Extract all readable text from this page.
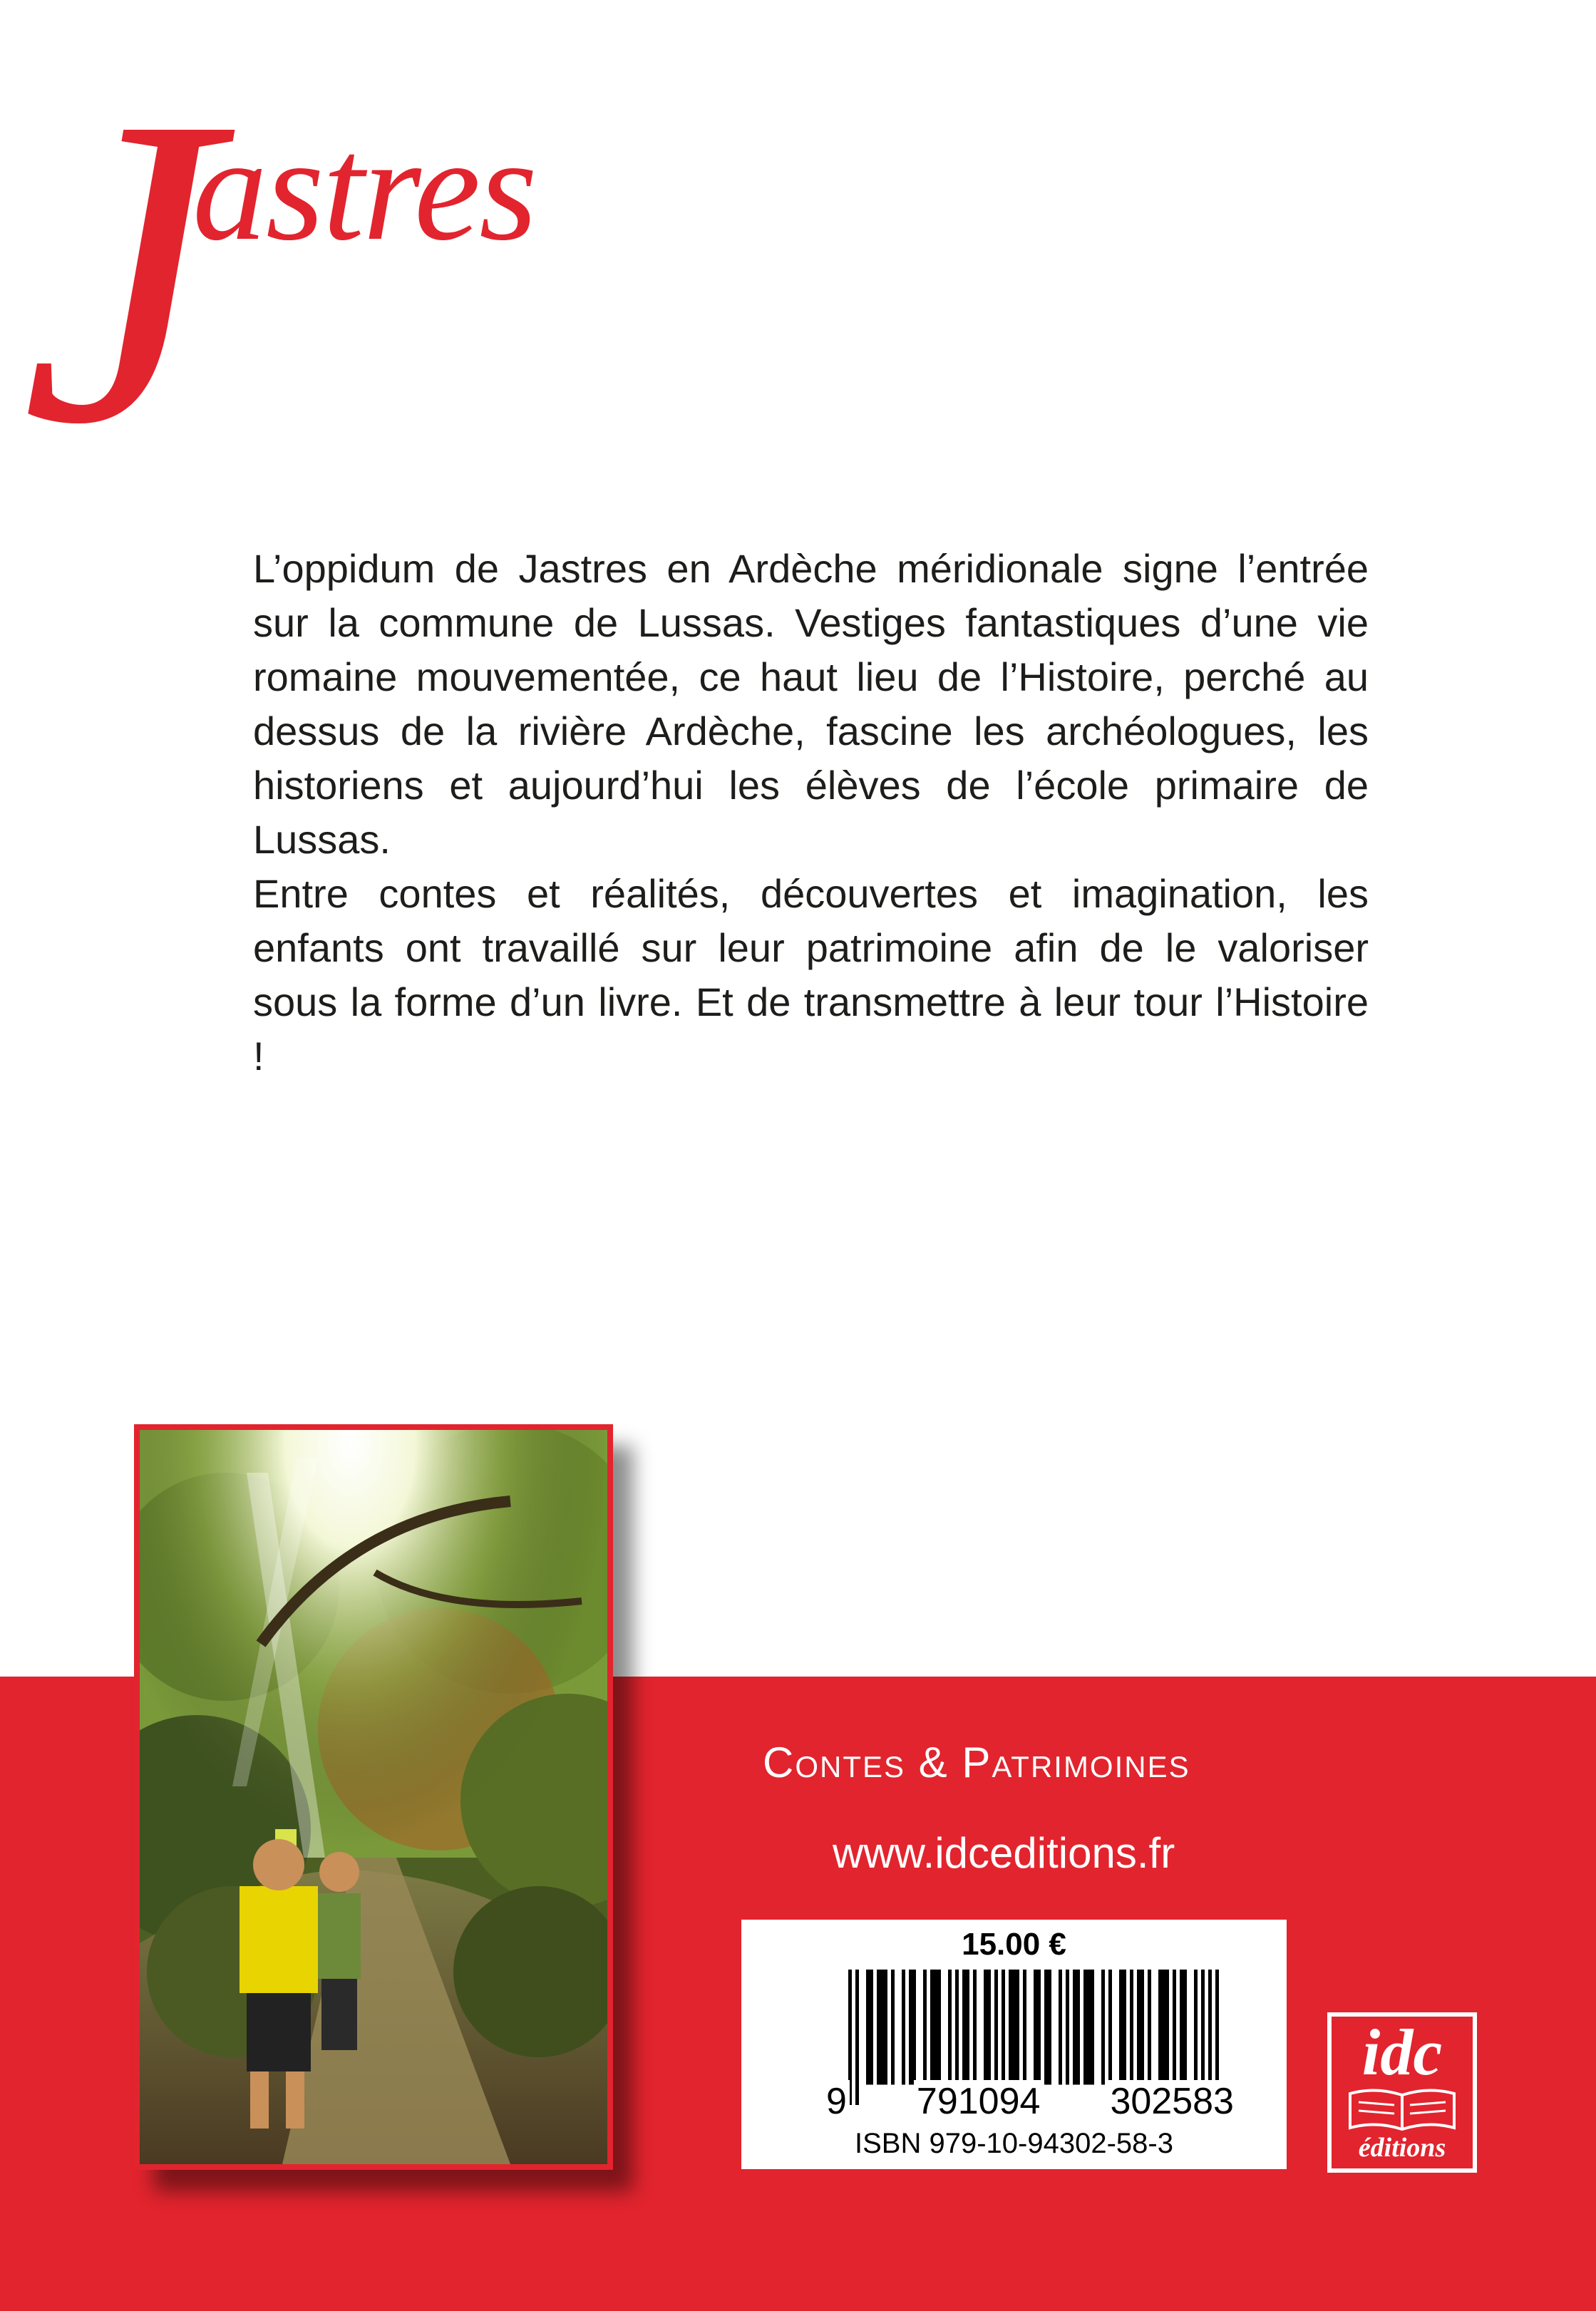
J
astres

L’oppidum de Jastres en Ardèche méridionale signe l’entrée sur la commune de Lussas. Vestiges fantastiques d’une vie romaine mouvementée, ce haut lieu de l’Histoire, perché au dessus de la rivière Ardèche, fascine les archéologues, les historiens et aujourd’hui les élèves de l’école primaire de Lussas.

Entre contes et réalités, découvertes et imagination, les enfants ont travaillé sur leur patrimoine afin de le valoriser sous la forme d’un livre. Et de transmettre à leur tour l’Histoire !

Contes & Patrimoines
www.idceditions.fr
15.00 €
9 791094 302583
ISBN 979-10-94302-58-3
idc
éditions
